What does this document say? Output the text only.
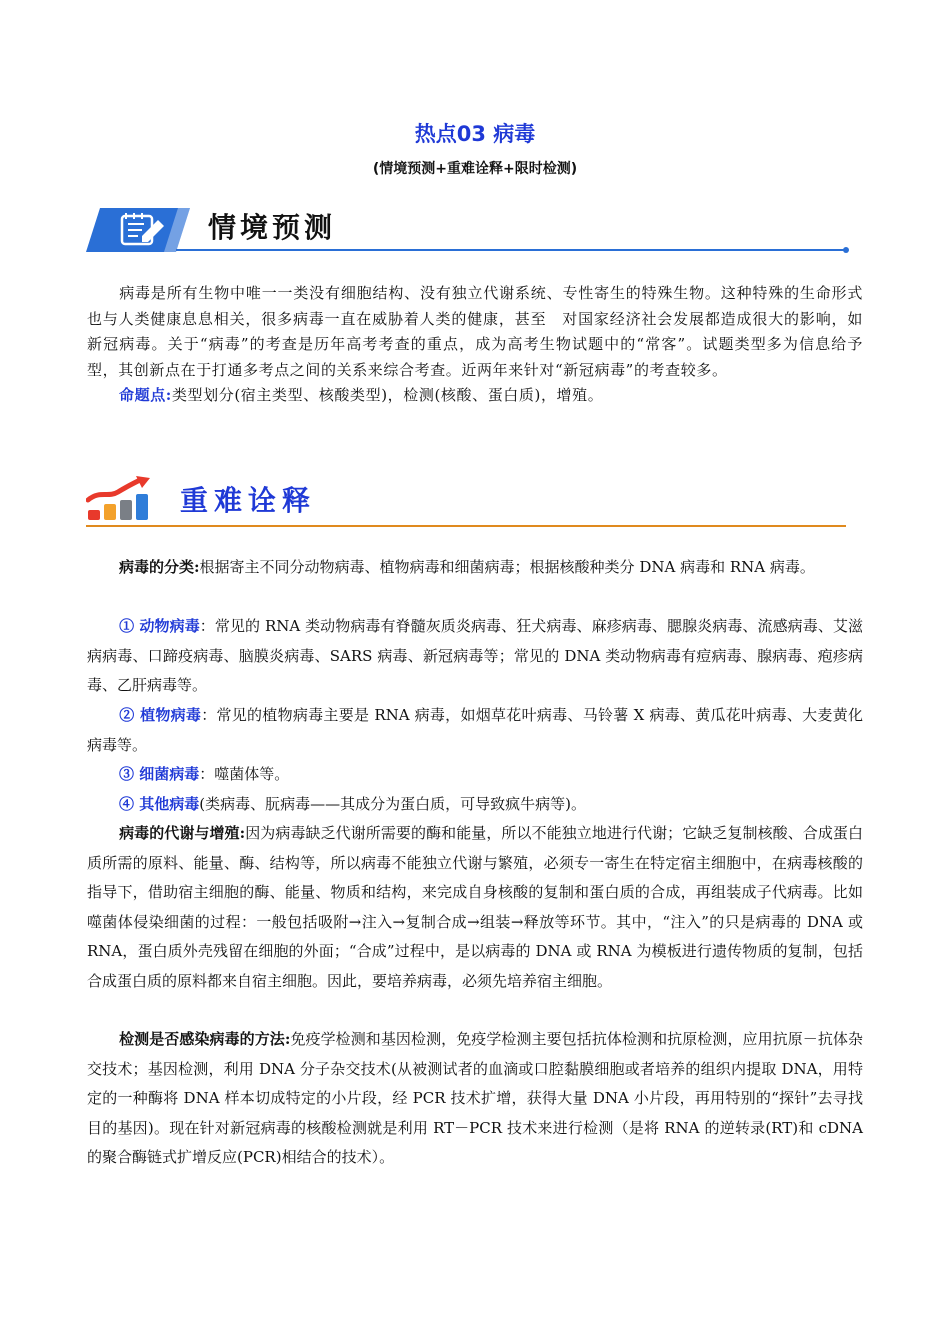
热点03 病毒
(情境预测+重难诠释+限时检测)
情境预测
病毒是所有生物中唯一一类没有细胞结构、没有独立代谢系统、专性寄生的特殊生物。这种特殊的生命形式也与人类健康息息相关，很多病毒一直在威胁着人类的健康，甚至　对国家经济社会发展都造成很大的影响，如新冠病毒。关于“病毒”的考查是历年高考考查的重点，成为高考生物试题中的“常客”。试题类型多为信息给予型，其创新点在于打通多考点之间的关系来综合考查。近两年来针对“新冠病毒”的考查较多。
命题点:类型划分(宿主类型、核酸类型)，检测(核酸、蛋白质)，增殖。
重难诠释
病毒的分类:根据寄主不同分动物病毒、植物病毒和细菌病毒；根据核酸种类分 DNA 病毒和 RNA 病毒。
① 动物病毒：常见的 RNA 类动物病毒有脊髓灰质炎病毒、狂犬病毒、麻疹病毒、腮腺炎病毒、流感病毒、艾滋病病毒、口蹄疫病毒、脑膜炎病毒、SARS 病毒、新冠病毒等；常见的 DNA 类动物病毒有痘病毒、腺病毒、疱疹病毒、乙肝病毒等。
② 植物病毒：常见的植物病毒主要是 RNA 病毒，如烟草花叶病毒、马铃薯 X 病毒、黄瓜花叶病毒、大麦黄化病毒等。
③ 细菌病毒：噬菌体等。
④ 其他病毒(类病毒、朊病毒——其成分为蛋白质，可导致疯牛病等)。
病毒的代谢与增殖:因为病毒缺乏代谢所需要的酶和能量，所以不能独立地进行代谢；它缺乏复制核酸、合成蛋白质所需的原料、能量、酶、结构等，所以病毒不能独立代谢与繁殖，必须专一寄生在特定宿主细胞中，在病毒核酸的指导下，借助宿主细胞的酶、能量、物质和结构，来完成自身核酸的复制和蛋白质的合成，再组装成子代病毒。比如噬菌体侵染细菌的过程：一般包括吸附→注入→复制合成→组装→释放等环节。其中，“注入”的只是病毒的 DNA 或 RNA，蛋白质外壳残留在细胞的外面；“合成”过程中，是以病毒的 DNA 或 RNA 为模板进行遗传物质的复制，包括合成蛋白质的原料都来自宿主细胞。因此，要培养病毒，必须先培养宿主细胞。
检测是否感染病毒的方法:免疫学检测和基因检测，免疫学检测主要包括抗体检测和抗原检测，应用抗原－抗体杂交技术；基因检测，利用 DNA 分子杂交技术(从被测试者的血滴或口腔黏膜细胞或者培养的组织内提取 DNA，用特定的一种酶将 DNA 样本切成特定的小片段，经 PCR 技术扩增，获得大量 DNA 小片段，再用特别的“探针”去寻找目的基因)。现在针对新冠病毒的核酸检测就是利用 RT－PCR 技术来进行检测（是将 RNA 的逆转录(RT)和 cDNA 的聚合酶链式扩增反应(PCR)相结合的技术）。
